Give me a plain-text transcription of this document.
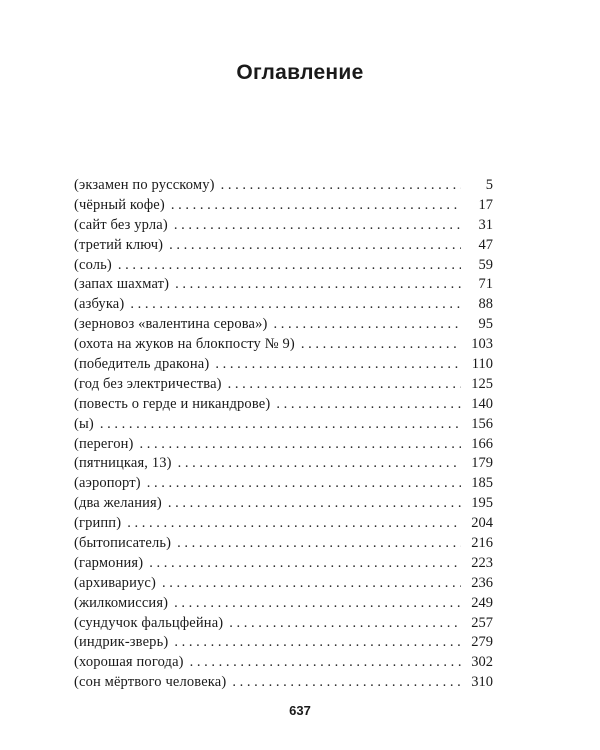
Оглавление
(экзамен по русскому) . . .	5
(чёрный кофе) . . .	17
(сайт без урла) . . .	31
(третий ключ) . . .	47
(соль) . . .	59
(запах шахмат) . . .	71
(азбука) . . .	88
(зерновоз «валентина серова») . . .	95
(охота на жуков на блокпосту № 9) . . .	103
(победитель дракона) . . .	110
(год без электричества) . . .	125
(повесть о герде и никандрове) . . .	140
(ы) . . .	156
(перегон) . . .	166
(пятницкая, 13) . . .	179
(аэропорт) . . .	185
(два желания) . . .	195
(грипп) . . .	204
(бытописатель) . . .	216
(гармония) . . .	223
(архивариус) . . .	236
(жилкомиссия) . . .	249
(сундучок фальцфейна) . . .	257
(индрик-зверь) . . .	279
(хорошая погода) . . .	302
(сон мёртвого человека) . . .	310
637
